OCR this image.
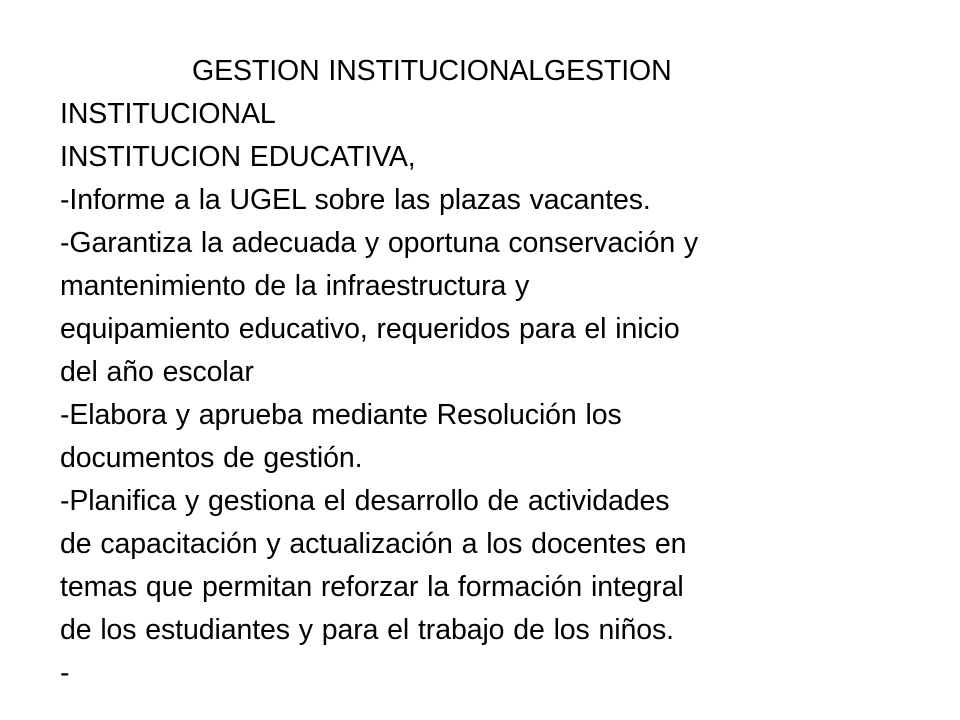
GESTION INSTITUCIONALGESTION
INSTITUCIONAL
INSTITUCION EDUCATIVA,
-Informe a la UGEL sobre las plazas vacantes.
-Garantiza la adecuada y oportuna conservación y
mantenimiento de la infraestructura y
equipamiento educativo, requeridos para el inicio
del año escolar
-Elabora y aprueba mediante Resolución los
documentos de gestión.
-Planifica y gestiona el desarrollo de actividades
de capacitación y actualización a los docentes en
temas que permitan reforzar la formación integral
de los estudiantes y para el trabajo de los niños.
-
